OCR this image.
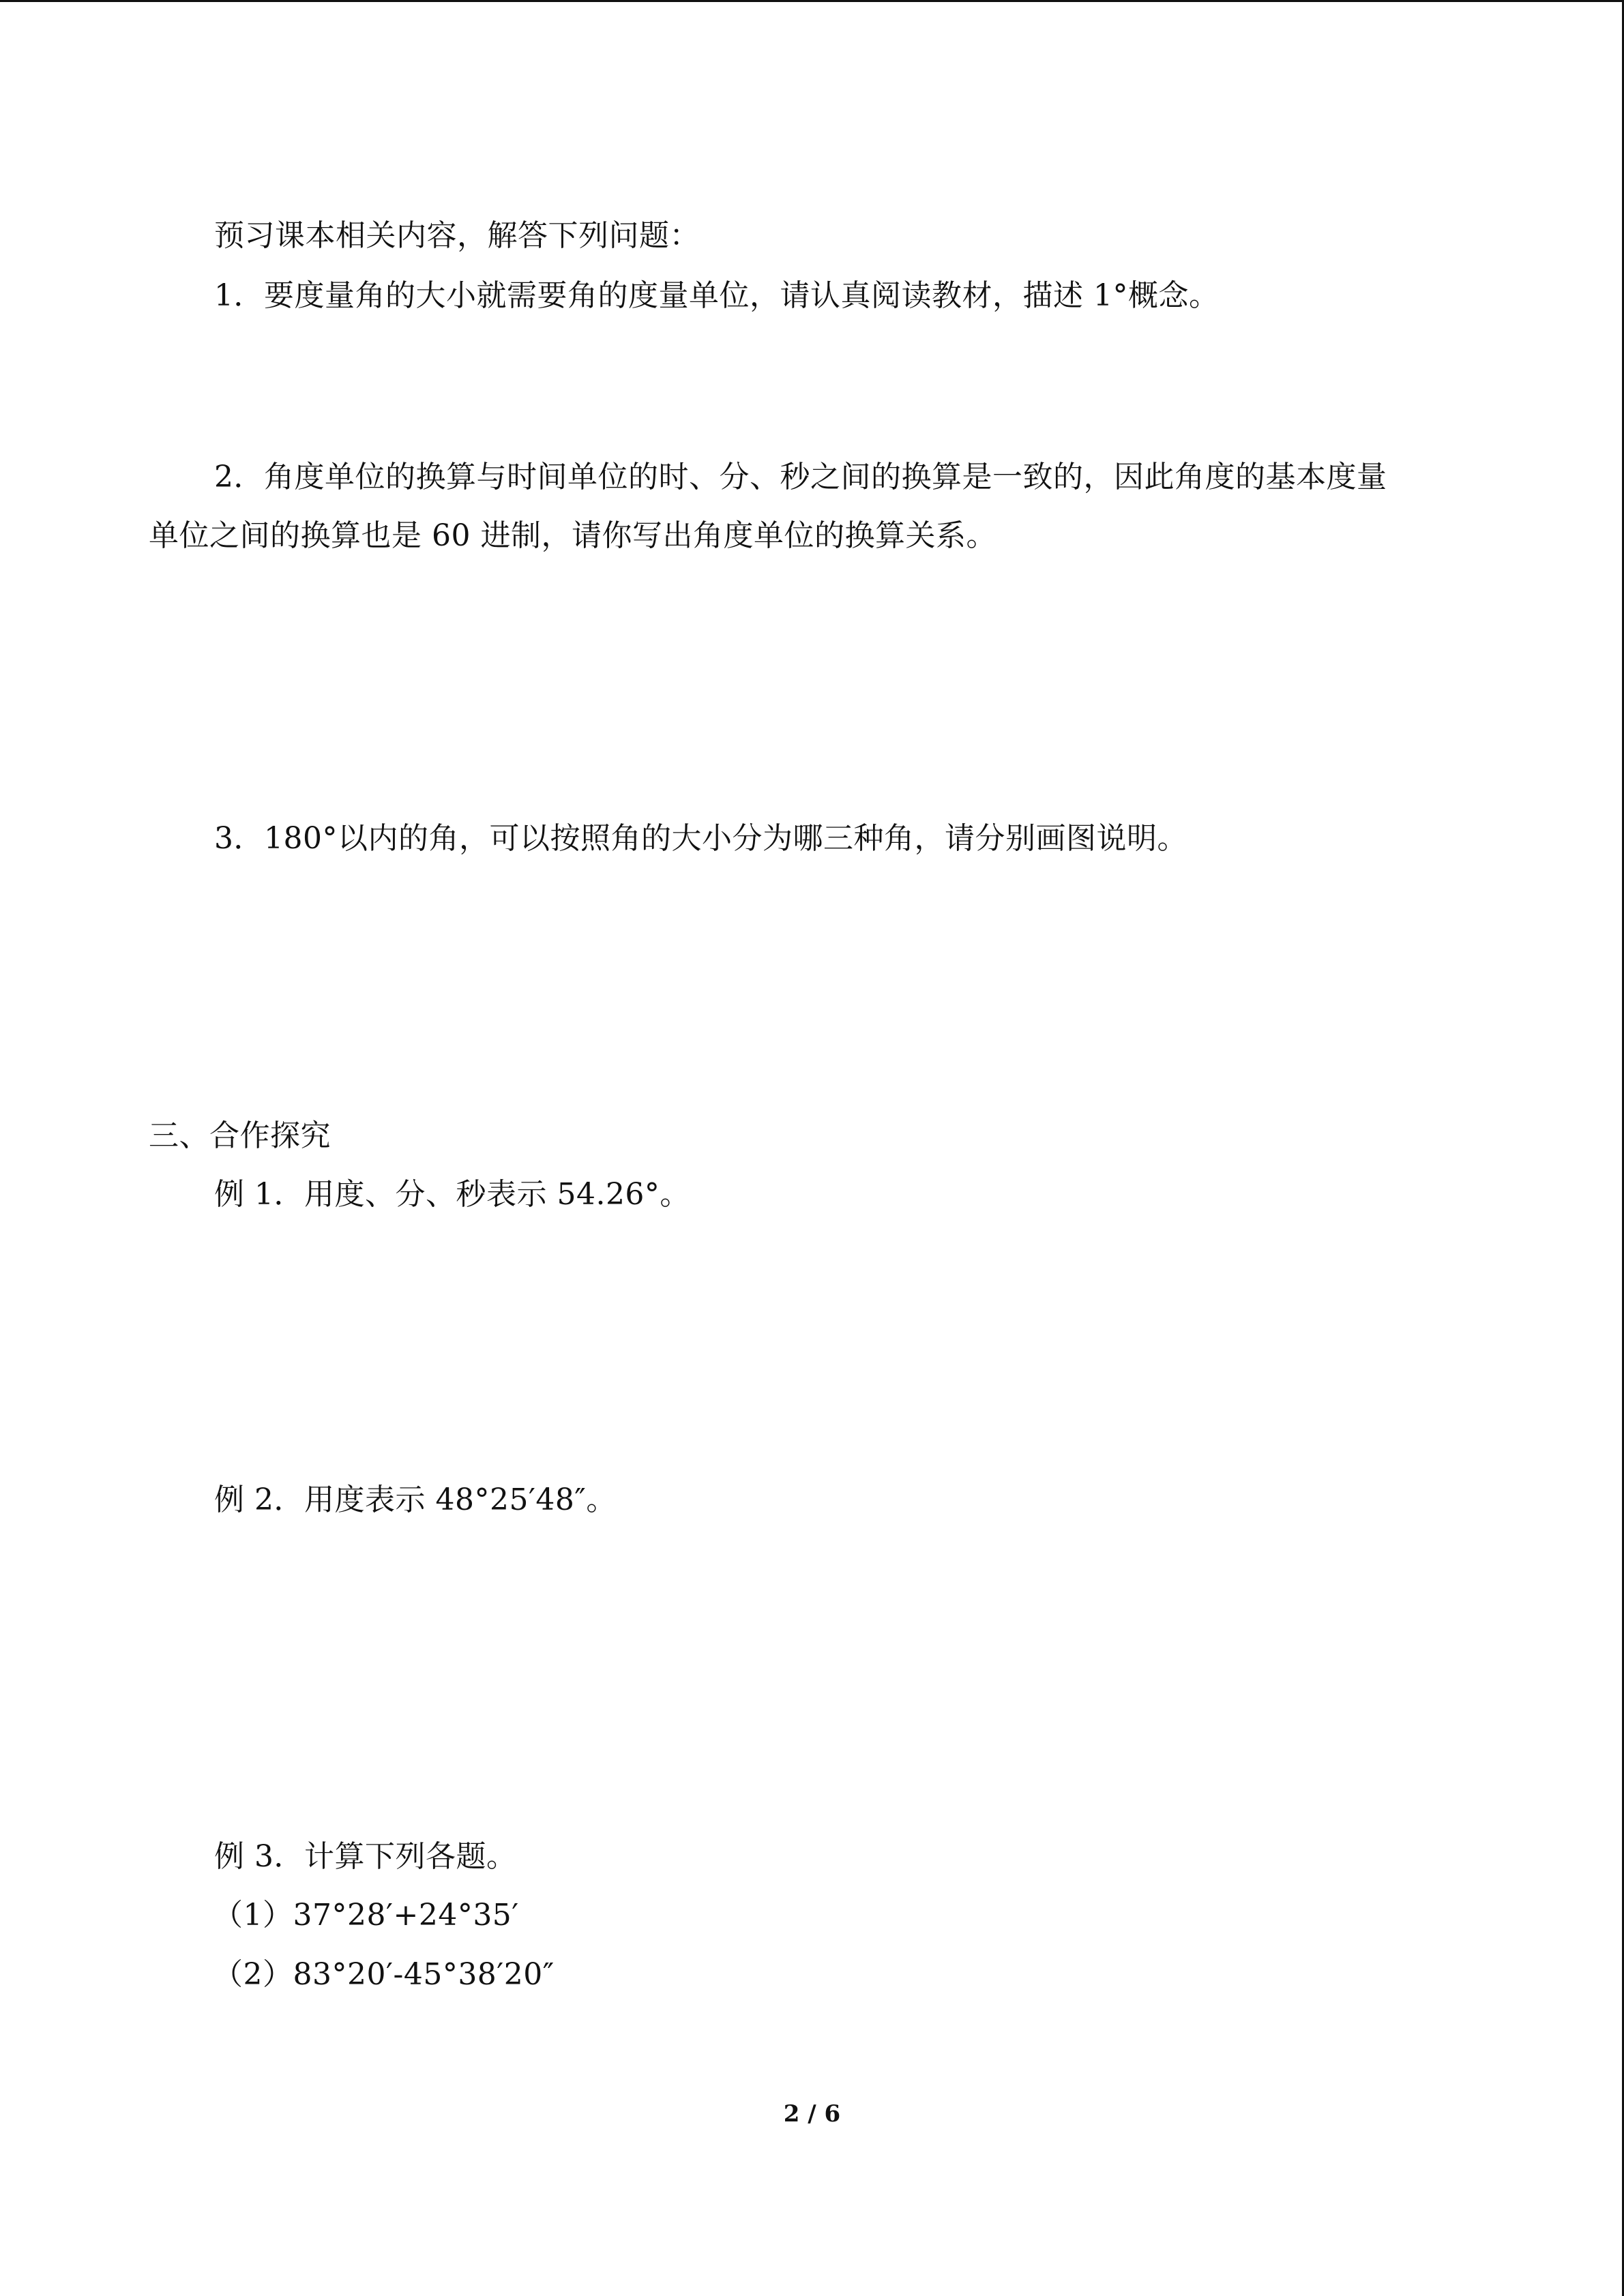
预习课本相关内容，解答下列问题：
1．要度量角的大小就需要角的度量单位，请认真阅读教材，描述 1°概念。
2．角度单位的换算与时间单位的时、分、秒之间的换算是一致的，因此角度的基本度量
单位之间的换算也是 60 进制，请你写出角度单位的换算关系。
3．180°以内的角，可以按照角的大小分为哪三种角，请分别画图说明。
三、合作探究
例 1．用度、分、秒表示 54.26°。
例 2．用度表示 48°25′48″。
例 3．计算下列各题。
（1）37°28′+24°35′
（2）83°20′-45°38′20″
2 / 6
